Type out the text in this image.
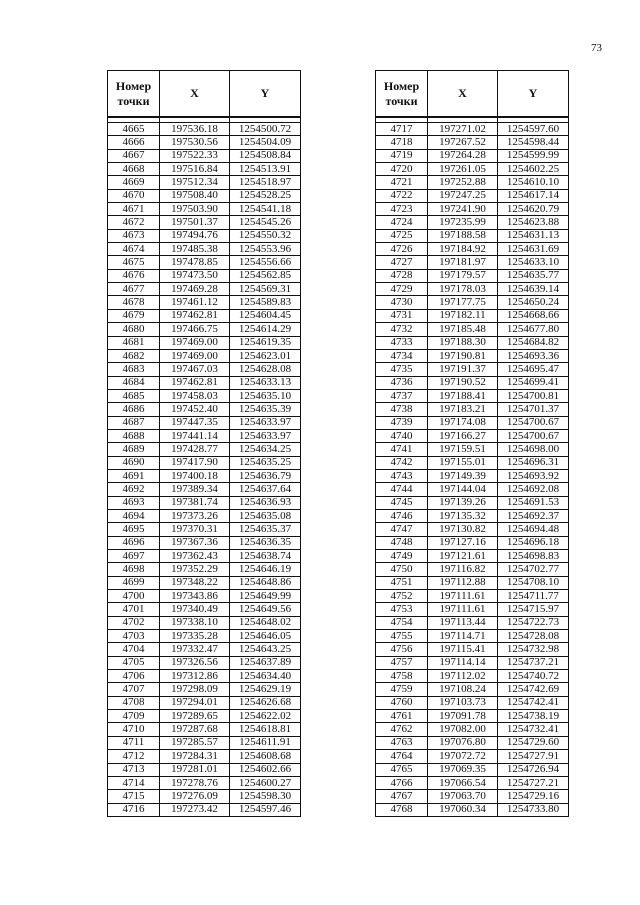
73
Номер точки	X	Y

4665	197536.18	1254500.72
4666	197530.56	1254504.09
4667	197522.33	1254508.84
4668	197516.84	1254513.91
4669	197512.34	1254518.97
4670	197508.40	1254528.25
4671	197503.90	1254541.18
4672	197501.37	1254545.26
4673	197494.76	1254550.32
4674	197485.38	1254553.96
4675	197478.85	1254556.66
4676	197473.50	1254562.85
4677	197469.28	1254569.31
4678	197461.12	1254589.83
4679	197462.81	1254604.45
4680	197466.75	1254614.29
4681	197469.00	1254619.35
4682	197469.00	1254623.01
4683	197467.03	1254628.08
4684	197462.81	1254633.13
4685	197458.03	1254635.10
4686	197452.40	1254635.39
4687	197447.35	1254633.97
4688	197441.14	1254633.97
4689	197428.77	1254634.25
4690	197417.90	1254635.25
4691	197400.18	1254636.79
4692	197389.34	1254637.64
4693	197381.74	1254636.93
4694	197373.26	1254635.08
4695	197370.31	1254635.37
4696	197367.36	1254636.35
4697	197362.43	1254638.74
4698	197352.29	1254646.19
4699	197348.22	1254648.86
4700	197343.86	1254649.99
4701	197340.49	1254649.56
4702	197338.10	1254648.02
4703	197335.28	1254646.05
4704	197332.47	1254643.25
4705	197326.56	1254637.89
4706	197312.86	1254634.40
4707	197298.09	1254629.19
4708	197294.01	1254626.68
4709	197289.65	1254622.02
4710	197287.68	1254618.81
4711	197285.57	1254611.91
4712	197284.31	1254608.68
4713	197281.01	1254602.66
4714	197278.76	1254600.27
4715	197276.09	1254598.30
4716	197273.42	1254597.46
Номер точки	X	Y

4717	197271.02	1254597.60
4718	197267.52	1254598.44
4719	197264.28	1254599.99
4720	197261.05	1254602.25
4721	197252.88	1254610.10
4722	197247.25	1254617.14
4723	197241.90	1254620.79
4724	197235.99	1254623.88
4725	197188.58	1254631.13
4726	197184.92	1254631.69
4727	197181.97	1254633.10
4728	197179.57	1254635.77
4729	197178.03	1254639.14
4730	197177.75	1254650.24
4731	197182.11	1254668.66
4732	197185.48	1254677.80
4733	197188.30	1254684.82
4734	197190.81	1254693.36
4735	197191.37	1254695.47
4736	197190.52	1254699.41
4737	197188.41	1254700.81
4738	197183.21	1254701.37
4739	197174.08	1254700.67
4740	197166.27	1254700.67
4741	197159.51	1254698.00
4742	197155.01	1254696.31
4743	197149.39	1254693.92
4744	197144.04	1254692.08
4745	197139.26	1254691.53
4746	197135.32	1254692.37
4747	197130.82	1254694.48
4748	197127.16	1254696.18
4749	197121.61	1254698.83
4750	197116.82	1254702.77
4751	197112.88	1254708.10
4752	197111.61	1254711.77
4753	197111.61	1254715.97
4754	197113.44	1254722.73
4755	197114.71	1254728.08
4756	197115.41	1254732.98
4757	197114.14	1254737.21
4758	197112.02	1254740.72
4759	197108.24	1254742.69
4760	197103.73	1254742.41
4761	197091.78	1254738.19
4762	197082.00	1254732.41
4763	197076.80	1254729.60
4764	197072.72	1254727.91
4765	197069.35	1254726.94
4766	197066.54	1254727.21
4767	197063.70	1254729.16
4768	197060.34	1254733.80
